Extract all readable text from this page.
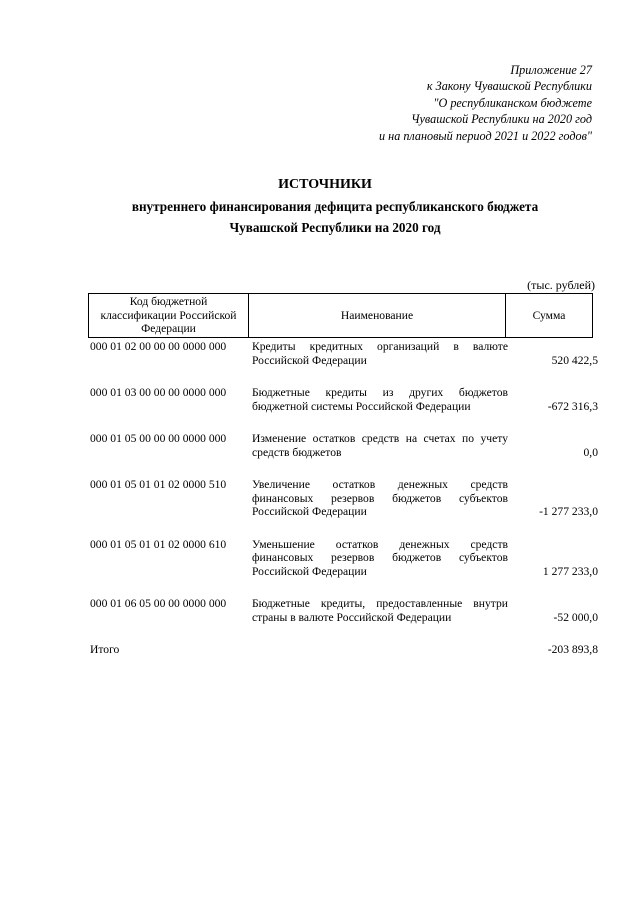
Приложение 27
к Закону Чувашской Республики
"О республиканском бюджете
Чувашской Республики на 2020 год
и на плановый период 2021 и 2022 годов"
ИСТОЧНИКИ
внутреннего финансирования дефицита республиканского бюджета
Чувашской Республики на 2020 год
(тыс. рублей)
Код бюджетной классификации Российской Федерации	Наименование	Сумма
000 01 02 00 00 00 0000 000	Кредиты кредитных организаций в валюте Российской Федерации	520 422,5
000 01 03 00 00 00 0000 000	Бюджетные кредиты из других бюджетов бюджетной системы Российской Федерации	-672 316,3
000 01 05 00 00 00 0000 000	Изменение остатков средств на счетах по учету средств бюджетов	0,0
000 01 05 01 01 02 0000 510	Увеличение остатков денежных средств финансовых резервов бюджетов субъектов Российской Федерации	-1 277 233,0
000 01 05 01 01 02 0000 610	Уменьшение остатков денежных средств финансовых резервов бюджетов субъектов Российской Федерации	1 277 233,0
000 01 06 05 00 00 0000 000	Бюджетные кредиты, предоставленные внутри страны в валюте Российской Федерации	-52 000,0
Итого	-203 893,8
